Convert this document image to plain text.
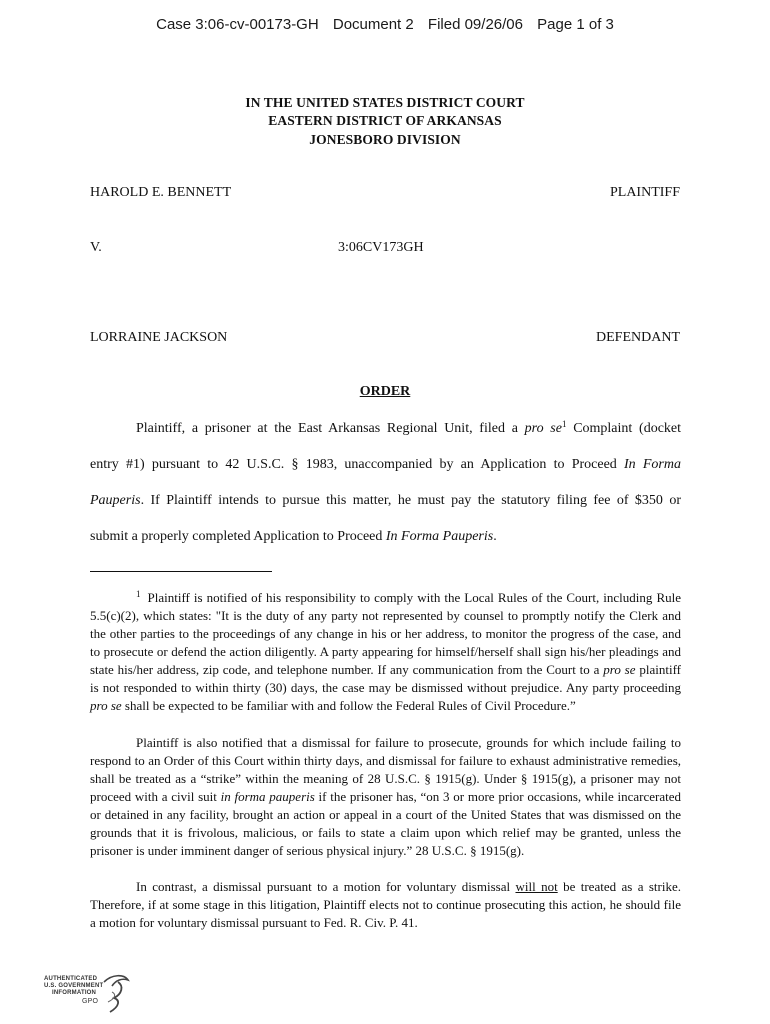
Case 3:06-cv-00173-GH Document 2 Filed 09/26/06 Page 1 of 3
IN THE UNITED STATES DISTRICT COURT
EASTERN DISTRICT OF ARKANSAS
JONESBORO DIVISION
HAROLD E. BENNETT	PLAINTIFF
V.	3:06CV173GH
LORRAINE JACKSON	DEFENDANT
ORDER
Plaintiff, a prisoner at the East Arkansas Regional Unit, filed a pro $se^1$ Complaint (docket
entry #1) pursuant to 42 U.S.C. § 1983, unaccompanied by an Application to Proceed In Forma
Pauperis. If Plaintiff intends to pursue this matter, he must pay the statutory filing fee of $350 or
submit a properly completed Application to Proceed In Forma Pauperis.
$^1$ Plaintiff is notified of his responsibility to comply with the Local Rules of the Court, including Rule 5.5(c)(2), which states: "It is the duty of any party not represented by counsel to promptly notify the Clerk and the other parties to the proceedings of any change in his or her address, to monitor the progress of the case, and to prosecute or defend the action diligently. A party appearing for himself/herself shall sign his/her pleadings and state his/her address, zip code, and telephone number. If any communication from the Court to a pro se plaintiff is not responded to within thirty (30) days, the case may be dismissed without prejudice. Any party proceeding pro se shall be expected to be familiar with and follow the Federal Rules of Civil Procedure.”
Plaintiff is also notified that a dismissal for failure to prosecute, grounds for which include failing to respond to an Order of this Court within thirty days, and dismissal for failure to exhaust administrative remedies, shall be treated as a “strike” within the meaning of 28 U.S.C. § 1915(g). Under § 1915(g), a prisoner may not proceed with a civil suit in forma pauperis if the prisoner has, “on 3 or more prior occasions, while incarcerated or detained in any facility, brought an action or appeal in a court of the United States that was dismissed on the grounds that it is frivolous, malicious, or fails to state a claim upon which relief may be granted, unless the prisoner is under imminent danger of serious physical injury.” 28 U.S.C. § 1915(g).
In contrast, a dismissal pursuant to a motion for voluntary dismissal will not be treated as a strike. Therefore, if at some stage in this litigation, Plaintiff elects not to continue prosecuting this action, he should file a motion for voluntary dismissal pursuant to Fed. R. Civ. P. 41.
AUTHENTICATED
U.S. GOVERNMENT
INFORMATION
GPO
